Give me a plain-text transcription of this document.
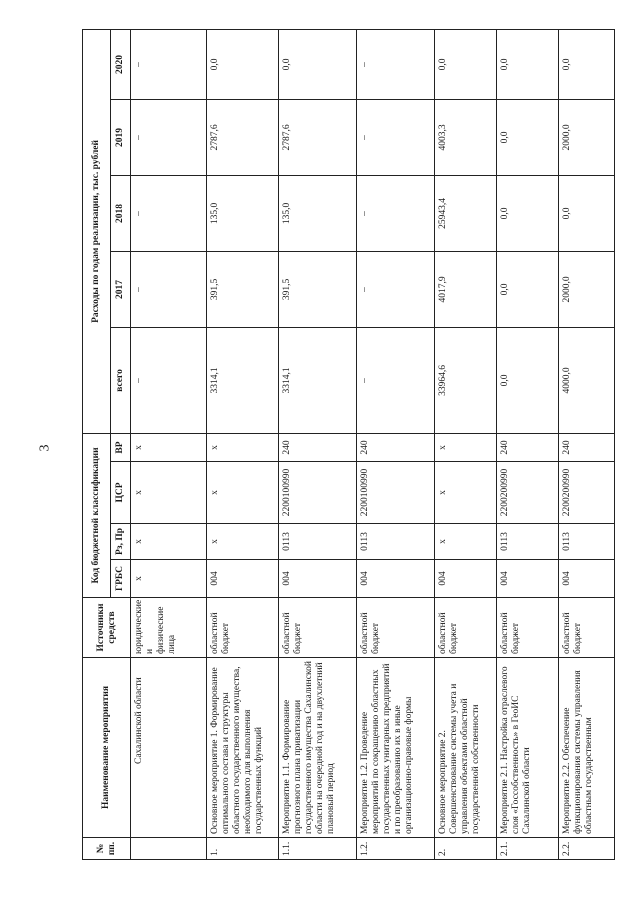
3
№ пп.	Наименование мероприятия	Источники средств	Код бюджетной классификации				Расходы по годам реализации, тыс. рублей				
			ГРБС	Рз, Пр	ЦСР	ВР	всего	2017	2018	2019	2020

	Сахалинской области	юридические и физические лица	x	x	x	x	–	–	–	–	–
1.	Основное мероприятие 1. Формирование оптимального состава и структуры областного государственного имущества, необходимого для выполнения государственных функций	областной бюджет	004	x	x	x	3314,1	391,5	135,0	2787,6	0,0
1.1.	Мероприятие 1.1. Формирование прогнозного плана приватизации государственного имущества Сахалинской области на очередной год и на двухлетний плановый период	областной бюджет	004	0113	2200100990	240	3314,1	391,5	135,0	2787,6	0,0
1.2.	Мероприятие 1.2. Проведение мероприятий по сокращению областных государственных унитарных предприятий и по преобразованию их в иные организационно-правовые формы	областной бюджет	004	0113	2200100990	240	–	–	–	–	–
2.	Основное мероприятие 2. Совершенствование системы учета и управления объектами областной государственной собственности	областной бюджет	004	x	x	x	33964,6	4017,9	25943,4	4003,3	0,0
2.1.	Мероприятие 2.1. Настройка отраслевого слоя «Госсобственность» в ГеоИС Сахалинской области	областной бюджет	004	0113	2200200990	240	0,0	0,0	0,0	0,0	0,0
2.2.	Мероприятие 2.2. Обеспечение функционирования системы управления областным государственным	областной бюджет	004	0113	2200200990	240	4000,0	2000,0	0,0	2000,0	0,0
